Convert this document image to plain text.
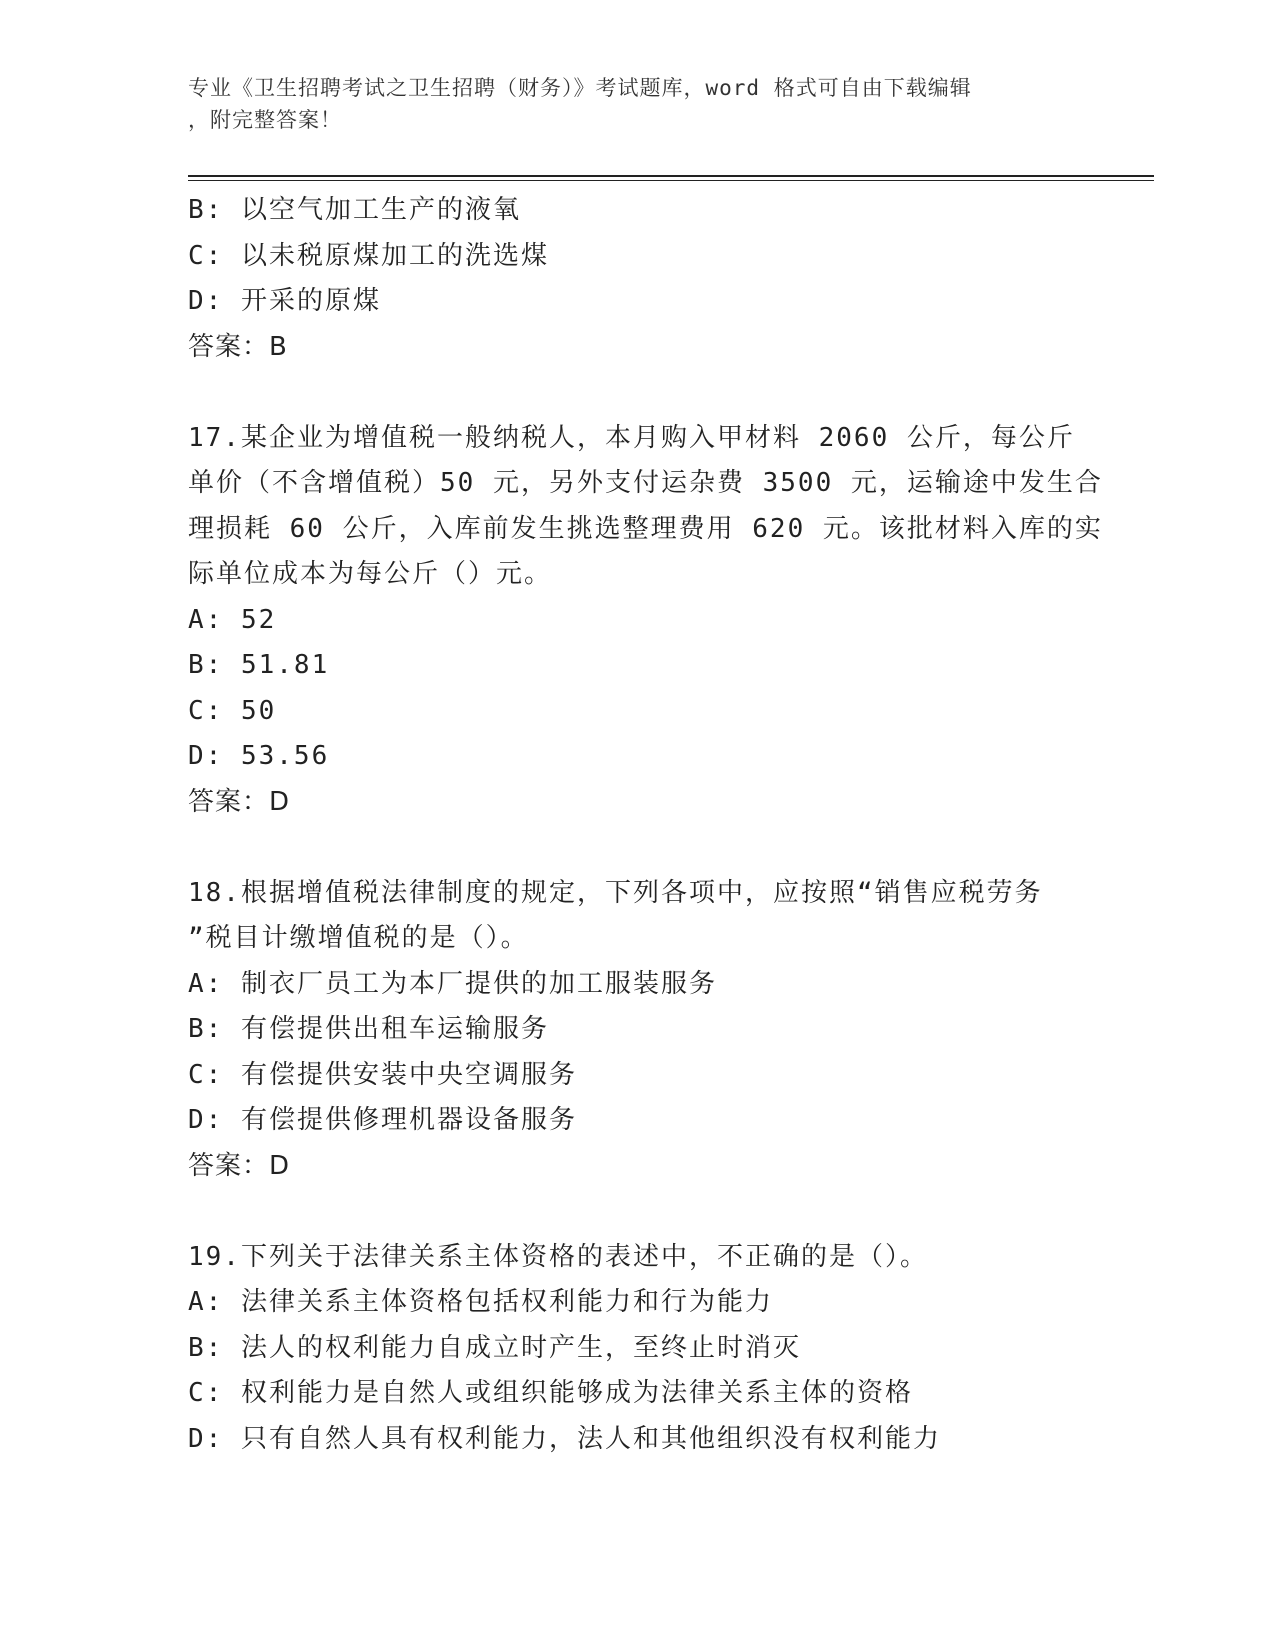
专业《卫生招聘考试之卫生招聘（财务）》考试题库，word 格式可自由下载编辑
，附完整答案！

B: 以空气加工生产的液氧

C: 以未税原煤加工的洗选煤

D: 开采的原煤

答案：B

17.某企业为增值税一般纳税人，本月购入甲材料 2060 公斤，每公斤

单价（不含增值税）50 元，另外支付运杂费 3500 元，运输途中发生合

理损耗 60 公斤，入库前发生挑选整理费用 620 元。该批材料入库的实

际单位成本为每公斤（）元。

A: 52

B: 51.81

C: 50

D: 53.56

答案：D

18.根据增值税法律制度的规定，下列各项中，应按照“销售应税劳务

”税目计缴增值税的是（）。

A: 制衣厂员工为本厂提供的加工服装服务

B: 有偿提供出租车运输服务

C: 有偿提供安装中央空调服务

D: 有偿提供修理机器设备服务

答案：D

19.下列关于法律关系主体资格的表述中，不正确的是（）。

A: 法律关系主体资格包括权利能力和行为能力

B: 法人的权利能力自成立时产生，至终止时消灭

C: 权利能力是自然人或组织能够成为法律关系主体的资格

D: 只有自然人具有权利能力，法人和其他组织没有权利能力
